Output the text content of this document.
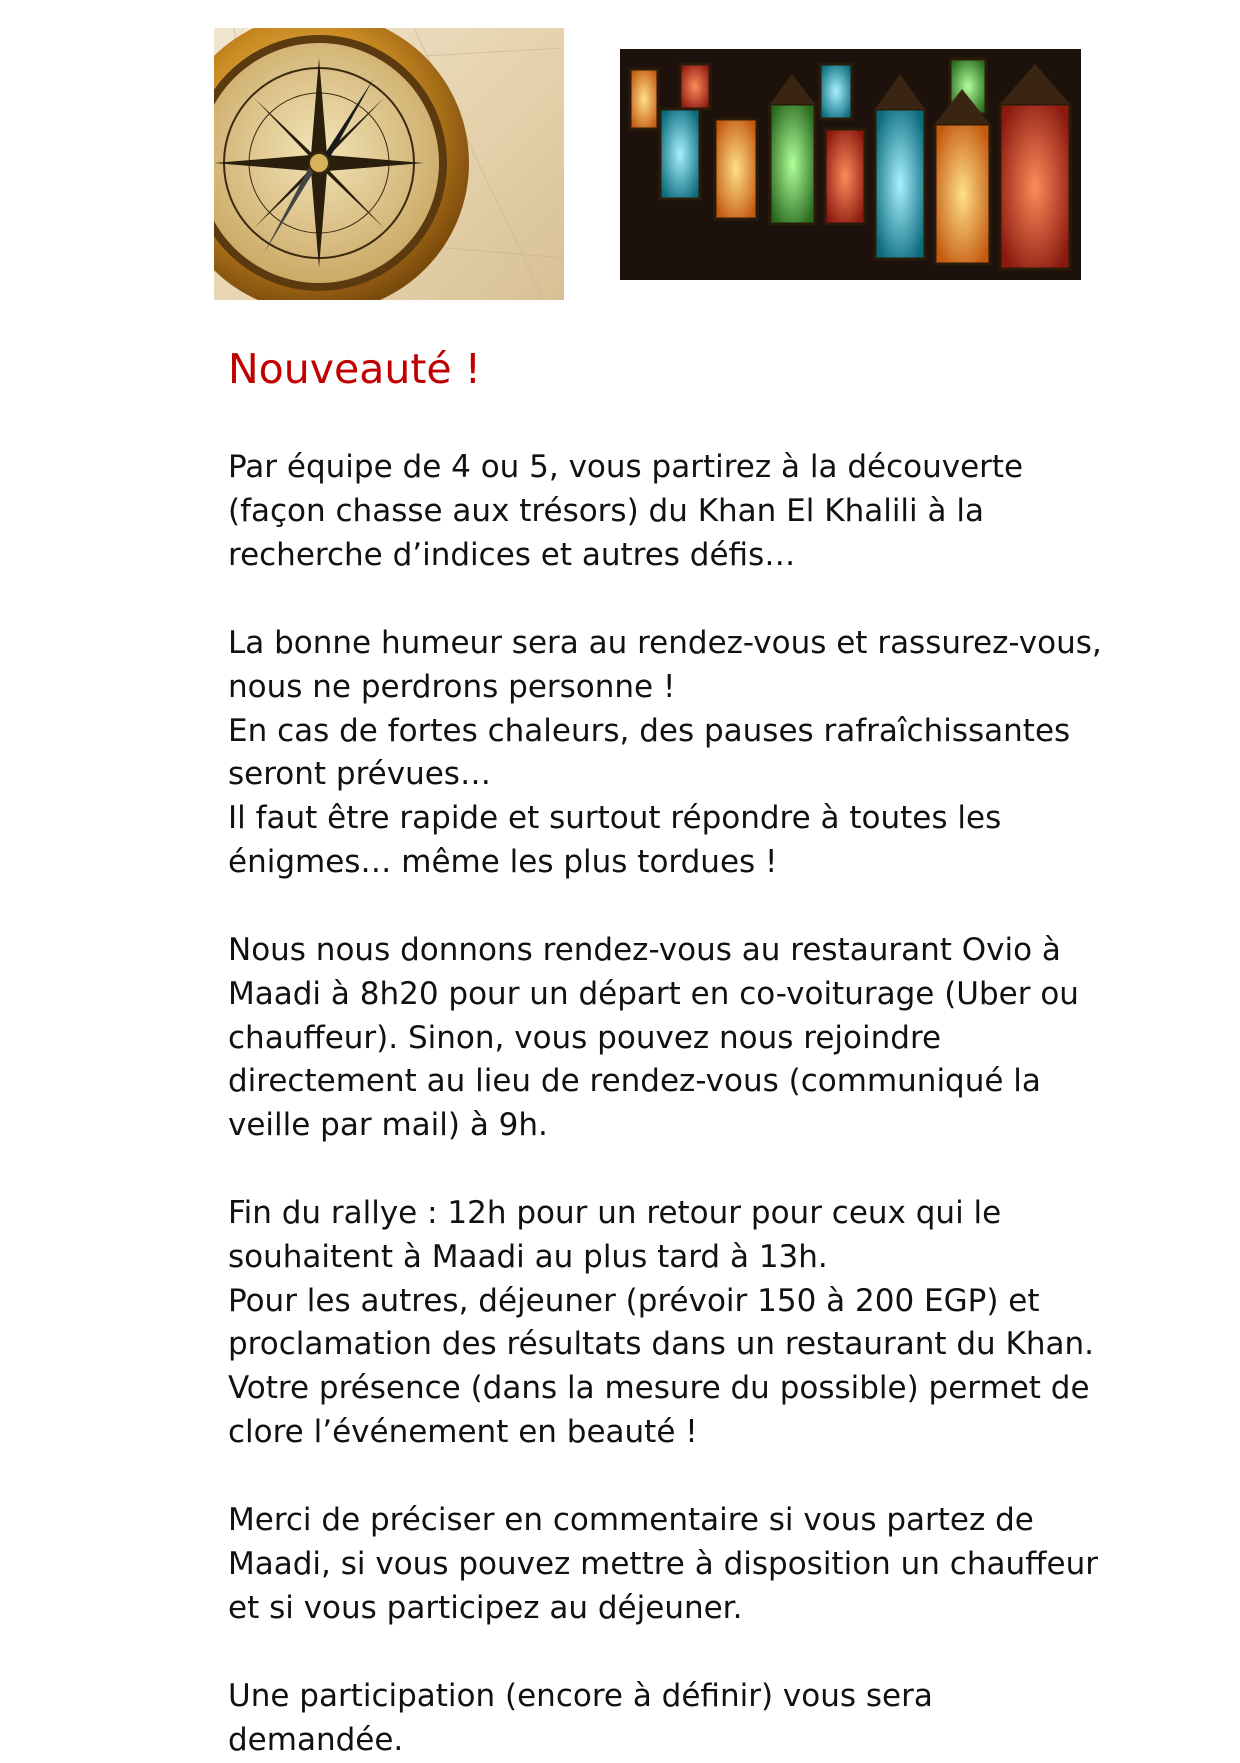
Nouveauté !
Par équipe de 4 ou 5, vous partirez à la découverte
(façon chasse aux trésors) du Khan El Khalili à la
recherche d’indices et autres défis…
La bonne humeur sera au rendez-vous et rassurez-vous,
nous ne perdrons personne !
En cas de fortes chaleurs, des pauses rafraîchissantes
seront prévues…
Il faut être rapide et surtout répondre à toutes les
énigmes… même les plus tordues !
Nous nous donnons rendez-vous au restaurant Ovio à
Maadi à 8h20 pour un départ en co-voiturage (Uber ou
chauffeur). Sinon, vous pouvez nous rejoindre
directement au lieu de rendez-vous (communiqué la
veille par mail) à 9h.
Fin du rallye : 12h pour un retour pour ceux qui le
souhaitent à Maadi au plus tard à 13h.
Pour les autres, déjeuner (prévoir 150 à 200 EGP) et
proclamation des résultats dans un restaurant du Khan.
Votre présence (dans la mesure du possible) permet de
clore l’événement en beauté !
Merci de préciser en commentaire si vous partez de
Maadi, si vous pouvez mettre à disposition un chauffeur
et si vous participez au déjeuner.
Une participation (encore à définir) vous sera
demandée.
